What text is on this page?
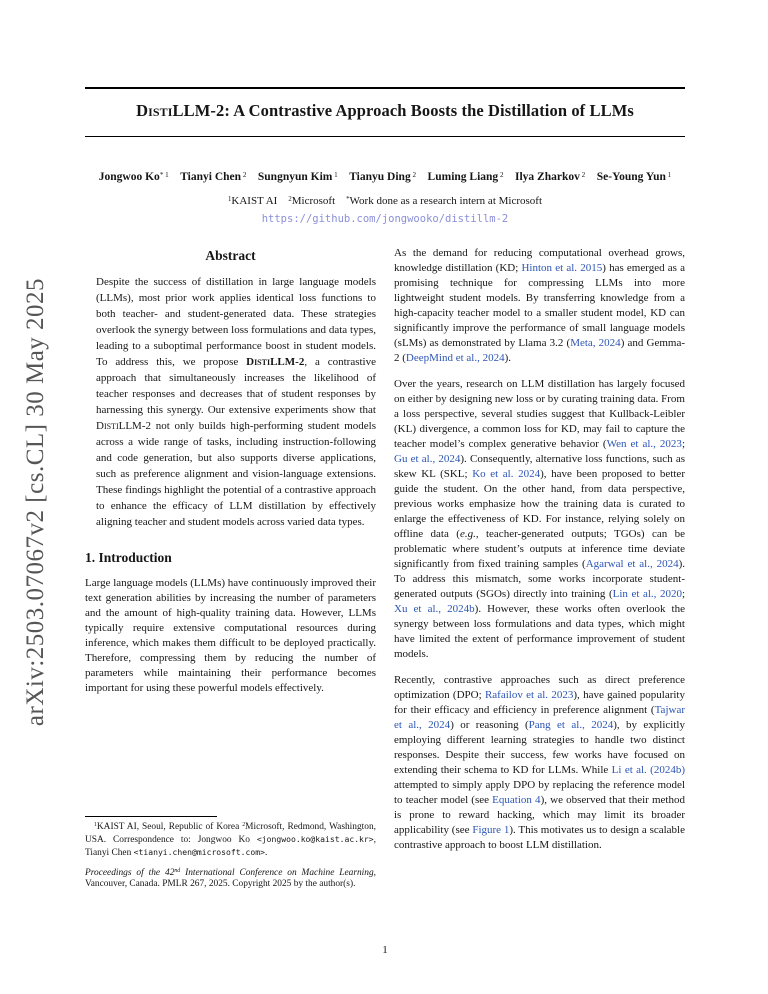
arXiv:2503.07067v2 [cs.CL] 30 May 2025
DistiLLM-2: A Contrastive Approach Boosts the Distillation of LLMs
Jongwoo Ko$^{* 1}$   Tianyi Chen $^2$   Sungnyun Kim $^1$   Tianyu Ding $^2$   Luming Liang $^2$   Ilya Zharkov $^2$   Se-Young Yun $^1$
$^1$KAIST AI  $^2$Microsoft  *Work done as a research intern at Microsoft
https://github.com/jongwooko/distillm-2
Abstract

Despite the success of distillation in large language models (LLMs), most prior work applies identical loss functions to both teacher- and student-generated data. These strategies overlook the synergy between loss formulations and data types, leading to a suboptimal performance boost in student models. To address this, we propose DistiLLM-2, a contrastive approach that simultaneously increases the likelihood of teacher responses and decreases that of student responses by harnessing this synergy. Our extensive experiments show that DistiLLM-2 not only builds high-performing student models across a wide range of tasks, including instruction-following and code generation, but also supports diverse applications, such as preference alignment and vision-language extensions. These findings highlight the potential of a contrastive approach to enhance the efficacy of LLM distillation by effectively aligning teacher and student models across varied data types.

1. Introduction

Large language models (LLMs) have continuously improved their text generation abilities by increasing the number of parameters and the amount of high-quality training data. However, LLMs typically require extensive computational resources during inference, which makes them difficult to be deployed practically. Therefore, compressing them by reducing the number of parameters while maintaining their performance becomes important for using these powerful models effectively.

As the demand for reducing computational overhead grows, knowledge distillation (KD; Hinton et al. 2015) has emerged as a promising technique for compressing LLMs into more lightweight student models. By transferring knowledge from a high-capacity teacher model to a smaller student model, KD can significantly improve the performance of small language models (sLMs) as demonstrated by Llama 3.2 (Meta, 2024) and Gemma-2 (DeepMind et al., 2024).

Over the years, research on LLM distillation has largely focused on either by designing new loss or by curating training data. From a loss perspective, several studies suggest that Kullback-Leibler (KL) divergence, a common loss for KD, may fail to capture the teacher model’s complex generative behavior (Wen et al., 2023; Gu et al., 2024). Consequently, alternative loss functions, such as skew KL (SKL; Ko et al. 2024), have been proposed to better guide the student. On the other hand, from data perspective, previous works emphasize how the training data is curated to enlarge the effectiveness of KD. For instance, relying solely on offline data (e.g., teacher-generated outputs; TGOs) can be problematic where student’s outputs at inference time deviate significantly from fixed training samples (Agarwal et al., 2024). To address this mismatch, some works incorporate student-generated outputs (SGOs) directly into training (Lin et al., 2020; Xu et al., 2024b). However, these works often overlook the synergy between loss formulations and data types, which might have limited the extent of performance improvement of student models.

Recently, contrastive approaches such as direct preference optimization (DPO; Rafailov et al. 2023), have gained popularity for their efficacy and efficiency in preference alignment (Tajwar et al., 2024) or reasoning (Pang et al., 2024), by explicitly employing different learning strategies to handle two distinct responses. Despite their success, few works have focused on extending their schema to KD for LLMs. While Li et al. (2024b) attempted to simply apply DPO by replacing the reference model to teacher model (see Equation 4), we observed that their method is prone to reward hacking, which may limit its broader applicability (see Figure 1). This motivates us to design a scalable contrastive approach to boost LLM distillation.

$^1$KAIST AI, Seoul, Republic of Korea $^2$Microsoft, Redmond, Washington, USA. Correspondence to: Jongwoo Ko <jongwoo.ko@kaist.ac.kr>, Tianyi Chen <tianyi.chen@microsoft.com>.

Proceedings of the 42nd International Conference on Machine Learning, Vancouver, Canada. PMLR 267, 2025. Copyright 2025 by the author(s).

1
